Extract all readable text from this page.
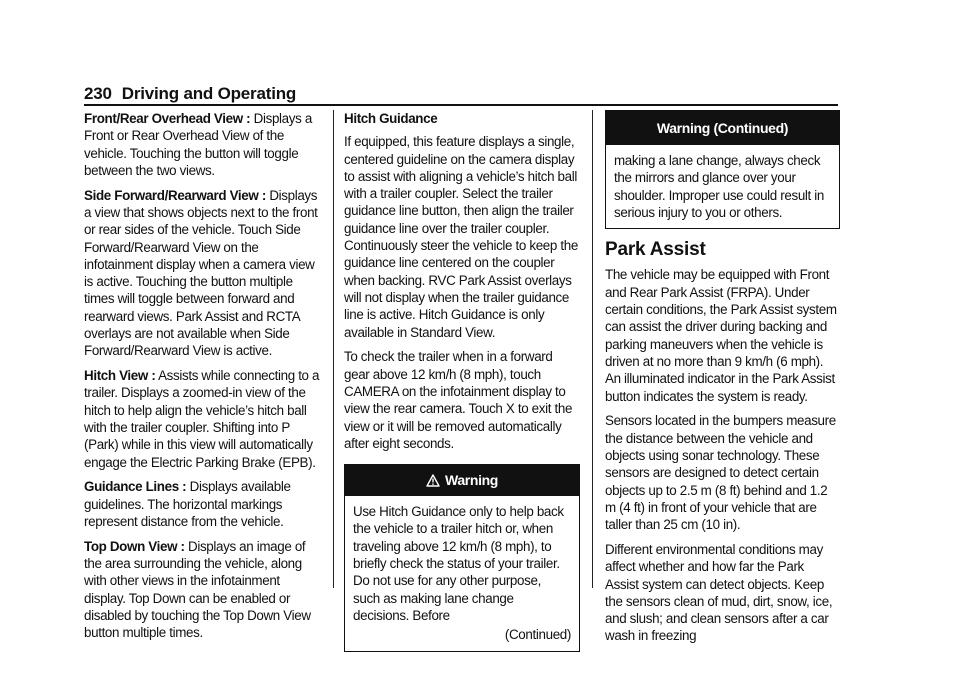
230 Driving and Operating

Front/Rear Overhead View : Displays a Front or Rear Overhead View of the vehicle. Touching the button will toggle between the two views.

Side Forward/Rearward View : Displays a view that shows objects next to the front or rear sides of the vehicle. Touch Side Forward/Rearward View on the infotainment display when a camera view is active. Touching the button multiple times will toggle between forward and rearward views. Park Assist and RCTA overlays are not available when Side Forward/Rearward View is active.

Hitch View : Assists while connecting to a trailer. Displays a zoomed-in view of the hitch to help align the vehicle’s hitch ball with the trailer coupler. Shifting into P (Park) while in this view will automatically engage the Electric Parking Brake (EPB).

Guidance Lines : Displays available guidelines. The horizontal markings represent distance from the vehicle.

Top Down View : Displays an image of the area surrounding the vehicle, along with other views in the infotainment display. Top Down can be enabled or disabled by touching the Top Down View button multiple times.

Hitch Guidance

If equipped, this feature displays a single, centered guideline on the camera display to assist with aligning a vehicle’s hitch ball with a trailer coupler. Select the trailer guidance line button, then align the trailer guidance line over the trailer coupler. Continuously steer the vehicle to keep the guidance line centered on the coupler when backing. RVC Park Assist overlays will not display when the trailer guidance line is active. Hitch Guidance is only available in Standard View.

To check the trailer when in a forward gear above 12 km/h (8 mph), touch CAMERA on the infotainment display to view the rear camera. Touch X to exit the view or it will be removed automatically after eight seconds.

Warning

Use Hitch Guidance only to help back the vehicle to a trailer hitch or, when traveling above 12 km/h (8 mph), to briefly check the status of your trailer. Do not use for any other purpose, such as making lane change decisions. Before

(Continued)

Warning (Continued)

making a lane change, always check the mirrors and glance over your shoulder. Improper use could result in serious injury to you or others.

Park Assist

The vehicle may be equipped with Front and Rear Park Assist (FRPA). Under certain conditions, the Park Assist system can assist the driver during backing and parking maneuvers when the vehicle is driven at no more than 9 km/h (6 mph). An illuminated indicator in the Park Assist button indicates the system is ready.

Sensors located in the bumpers measure the distance between the vehicle and objects using sonar technology. These sensors are designed to detect certain objects up to 2.5 m (8 ft) behind and 1.2 m (4 ft) in front of your vehicle that are taller than 25 cm (10 in).

Different environmental conditions may affect whether and how far the Park Assist system can detect objects. Keep the sensors clean of mud, dirt, snow, ice, and slush; and clean sensors after a car wash in freezing
